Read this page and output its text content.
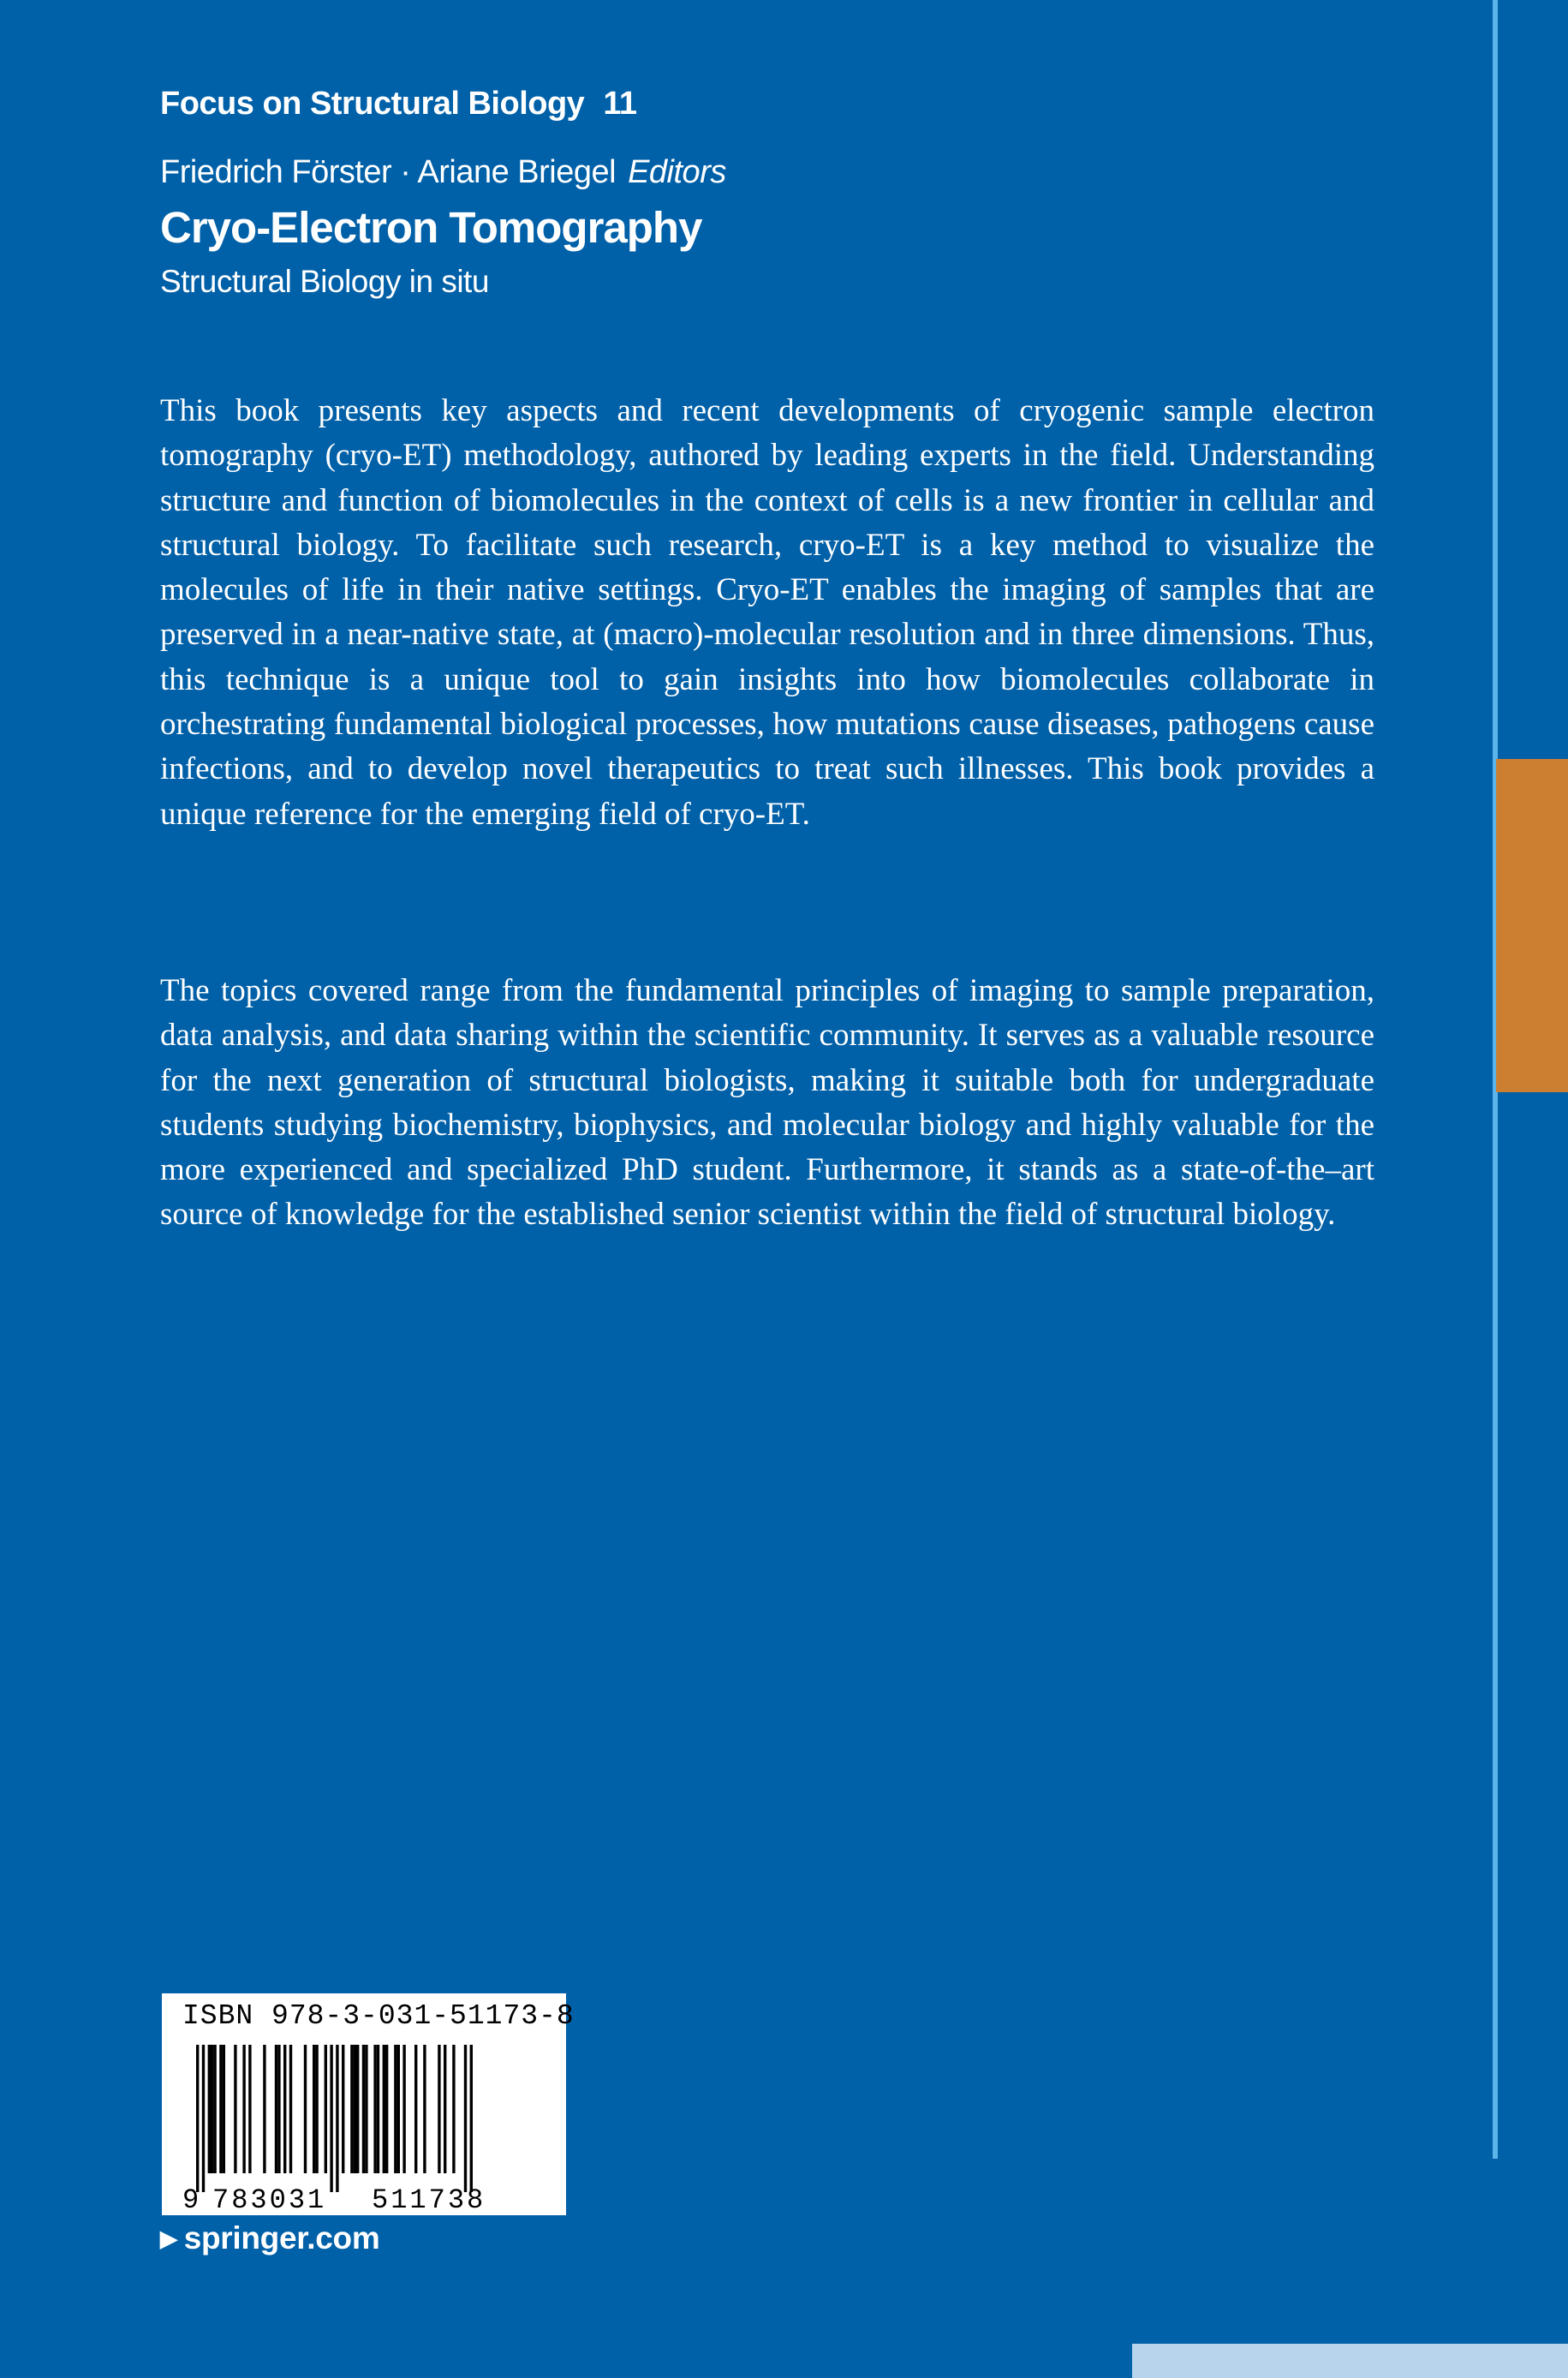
Focus on Structural Biology 11
Friedrich Förster · Ariane Briegel Editors
Cryo-Electron Tomography
Structural Biology in situ

This book presents key aspects and recent developments of cryogenic sample electron tomography (cryo-ET) methodology, authored by leading experts in the field. Understanding structure and function of biomolecules in the context of cells is a new frontier in cellular and structural biology. To facilitate such research, cryo-ET is a key method to visualize the molecules of life in their native settings. Cryo-ET enables the imaging of samples that are preserved in a near-native state, at (macro)-molecular resolution and in three dimensions. Thus, this technique is a unique tool to gain insights into how biomolecules collaborate in orchestrating fundamental biological processes, how mutations cause diseases, pathogens cause infections, and to develop novel therapeutics to treat such illnesses. This book provides a unique reference for the emerging field of cryo-ET.

The topics covered range from the fundamental principles of imaging to sample preparation, data analysis, and data sharing within the scientific community. It serves as a valuable resource for the next generation of structural biologists, making it suitable both for undergraduate students studying biochemistry, biophysics, and molecular biology and highly valuable for the more experienced and specialized PhD student. Furthermore, it stands as a state-of-the–art source of knowledge for the established senior scientist within the field of structural biology.

ISBN 978-3-031-51173-8
9 783031 511738
▶ springer.com
